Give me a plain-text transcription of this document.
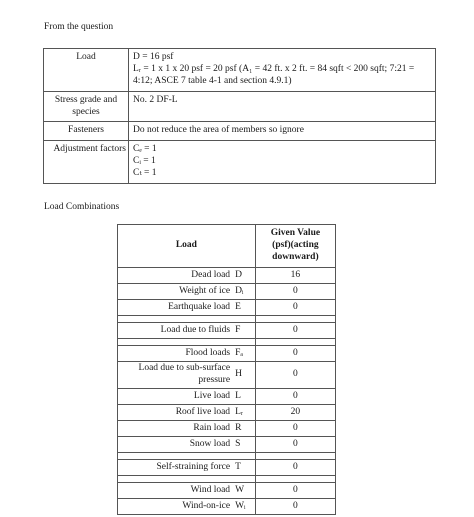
From the question
Load	D = 16 psf
Lᵣ = 1 x 1 x 20 psf = 20 psf (A₁ = 42 ft. x 2 ft. = 84 sqft < 200 sqft; 7:21 =
4:12; ASCE 7 table 4-1 and section 4.9.1)

Stress grade and
species	No. 2 DF-L

Fasteners	Do not reduce the area of members so ignore

Adjustment factors	Cₑ = 1
Cᵢ = 1
Cₜ = 1
Load Combinations
Load		Given Value
(psf)(acting
downward)

Dead load	D	16
Weight of ice	Dᵢ	0
Earthquake load	E	0

Load due to fluids	F	0

Flood loads	Fₐ	0
Load due to sub-surface pressure	H	0
Live load	L	0
Roof live load	Lᵣ	20
Rain load	R	0
Snow load	S	0

Self-straining force	T	0

Wind load	W	0
Wind-on-ice	Wᵢ	0
